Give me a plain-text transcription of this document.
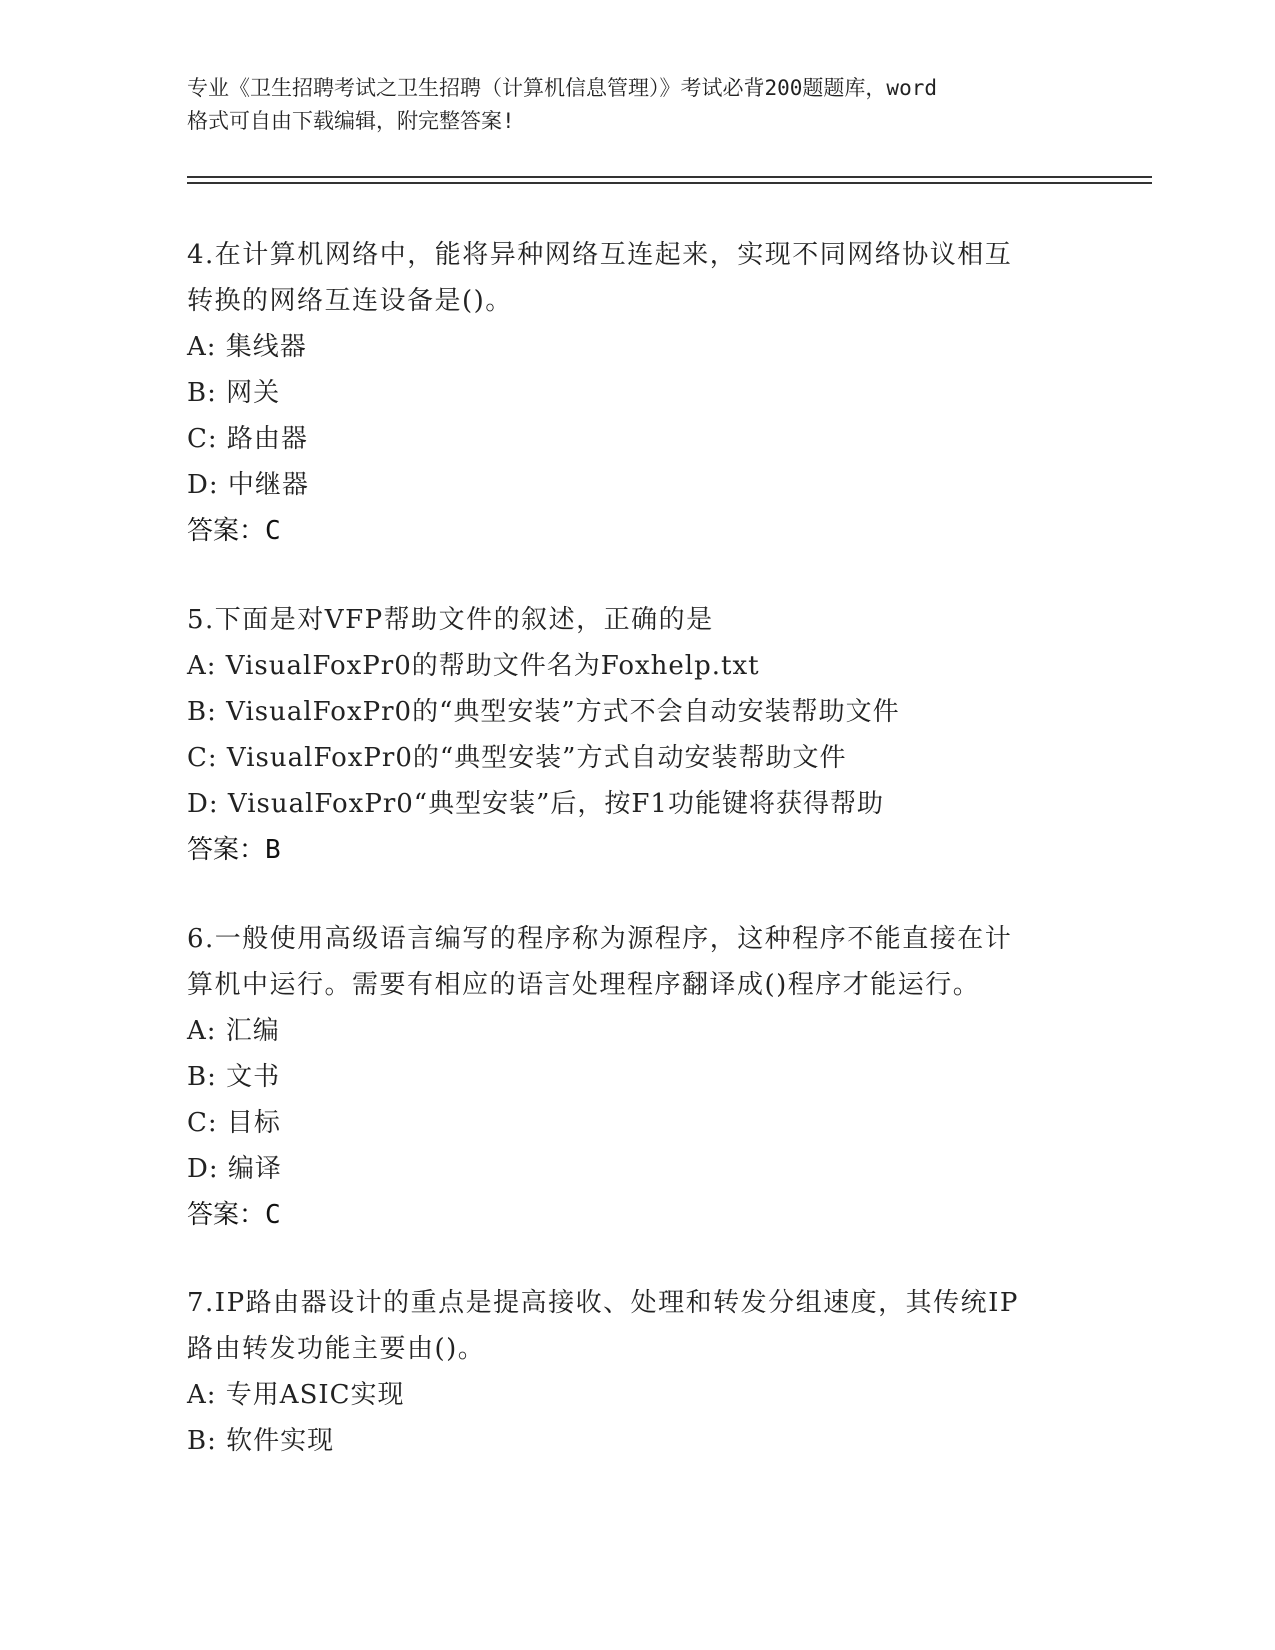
专业《卫生招聘考试之卫生招聘（计算机信息管理）》考试必背200题题库，word
格式可自由下载编辑，附完整答案!

4.在计算机网络中，能将异种网络互连起来，实现不同网络协议相互

转换的网络互连设备是()。

A: 集线器

B: 网关

C: 路由器

D: 中继器

答案：C

5.下面是对VFP帮助文件的叙述，正确的是

A: VisualFoxPr0的帮助文件名为Foxhelp.txt

B: VisualFoxPr0的“典型安装”方式不会自动安装帮助文件

C: VisualFoxPr0的“典型安装”方式自动安装帮助文件

D: VisualFoxPr0“典型安装”后，按F1功能键将获得帮助

答案：B

6.一般使用高级语言编写的程序称为源程序，这种程序不能直接在计

算机中运行。需要有相应的语言处理程序翻译成()程序才能运行。

A: 汇编

B: 文书

C: 目标

D: 编译

答案：C

7.IP路由器设计的重点是提高接收、处理和转发分组速度，其传统IP

路由转发功能主要由()。

A: 专用ASIC实现

B: 软件实现
